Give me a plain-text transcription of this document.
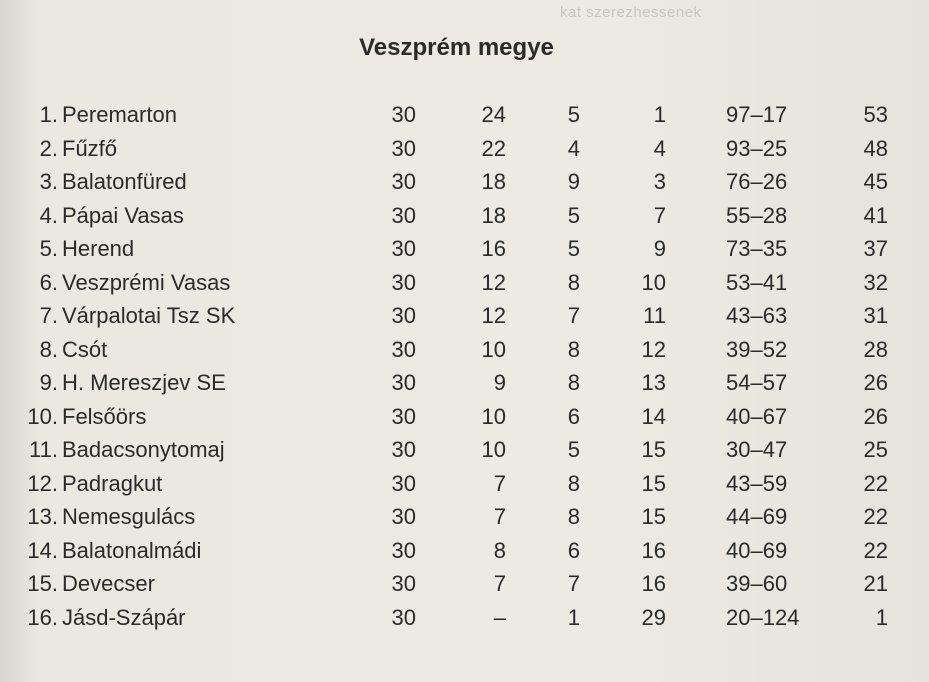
kat szerezhessenek
Veszprém megye
1. Peremarton	30	24	5	1	97–17	53
2. Fűzfő	30	22	4	4	93–25	48
3. Balatonfüred	30	18	9	3	76–26	45
4. Pápai Vasas	30	18	5	7	55–28	41
5. Herend	30	16	5	9	73–35	37
6. Veszprémi Vasas	30	12	8	10	53–41	32
7. Várpalotai Tsz SK	30	12	7	11	43–63	31
8. Csót	30	10	8	12	39–52	28
9. H. Mereszjev SE	30	9	8	13	54–57	26
10. Felsőörs	30	10	6	14	40–67	26
11. Badacsonytomaj	30	10	5	15	30–47	25
12. Padragkut	30	7	8	15	43–59	22
13. Nemesgulács	30	7	8	15	44–69	22
14. Balatonalmádi	30	8	6	16	40–69	22
15. Devecser	30	7	7	16	39–60	21
16. Jásd-Szápár	30	–	1	29	20–124	1
